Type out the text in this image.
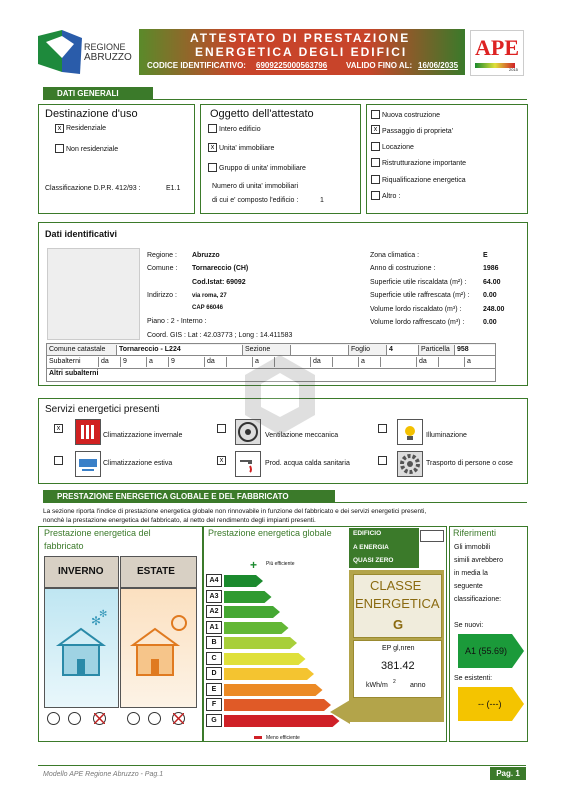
REGIONE
ABRUZZO
ATTESTATO DI PRESTAZIONE
ENERGETICA DEGLI EDIFICI
CODICE IDENTIFICATIVO: 6909225000563796 VALIDO FINO AL: 16/06/2035
APE
2015
DATI GENERALI
Destinazione d'uso
x Residenziale
Non residenziale
Classificazione D.P.R. 412/93 :	E1.1
Oggetto dell'attestato
Intero edificio
x Unita' immobiliare
Gruppo di unita' immobiliare
Numero di unita' immobiliari
di cui e' composto l'edificio :	1
Nuova costruzione
x Passaggio di proprieta'
Locazione
Ristrutturazione importante
Riqualificazione energetica
Altro :
Dati identificativi
Regione : Abruzzo
Comune : Tornareccio (CH)
Cod.Istat: 69092
Indirizzo :	via roma, 27
CAP 66046
Piano : 2 - Interno :
Coord. GIS : Lat : 42.03773 ; Long : 14.411583
Zona climatica :	E
Anno di costruzione :	1986
Superficie utile riscaldata (m²) : 64.00
Superficie utile raffrescata (m²) : 0.00
Volume lordo riscaldato (m³) :	248.00
Volume lordo raffrescato (m³) :	0.00
Comune catastale	Tornareccio - L224	Sezione	Foglio	4	Particella	958
Subalterni	da	9	a	9	da	a	da	a	da	a
Altri subalterni
Servizi energetici presenti
x
Climatizzazione invernale	Ventilazione meccanica	Illuminazione
Climatizzazione estiva	x	Prod. acqua calda sanitaria	Trasporto di persone o cose
PRESTAZIONE ENERGETICA GLOBALE E DEL FABBRICATO
La sezione riporta l'indice di prestazione energetica globale non rinnovabile in funzione del fabbricato e dei servizi energetici presenti,
nonchè la prestazione energetica del fabbricato, al netto del rendimento degli impianti presenti.
Prestazione energetica del
fabbricato
INVERNO	ESTATE
✻
✻
Prestazione energetica globale
+ Più efficiente
A4
A3
A2
A1
B
C
D
E
F
G
Meno efficiente
EDIFICIO
A ENERGIA
QUASI ZERO
CLASSE
ENERGETICA
G
EP gl,nren
381.42
kWh/m 2 anno
Riferimenti
Gli immobili
simili avrebbero
in media la
seguente
classificazione:
Se nuovi:
A1 (55.69)
Se esistenti:
-- (---)
Modello APE Regione Abruzzo - Pag.1	Pag. 1
